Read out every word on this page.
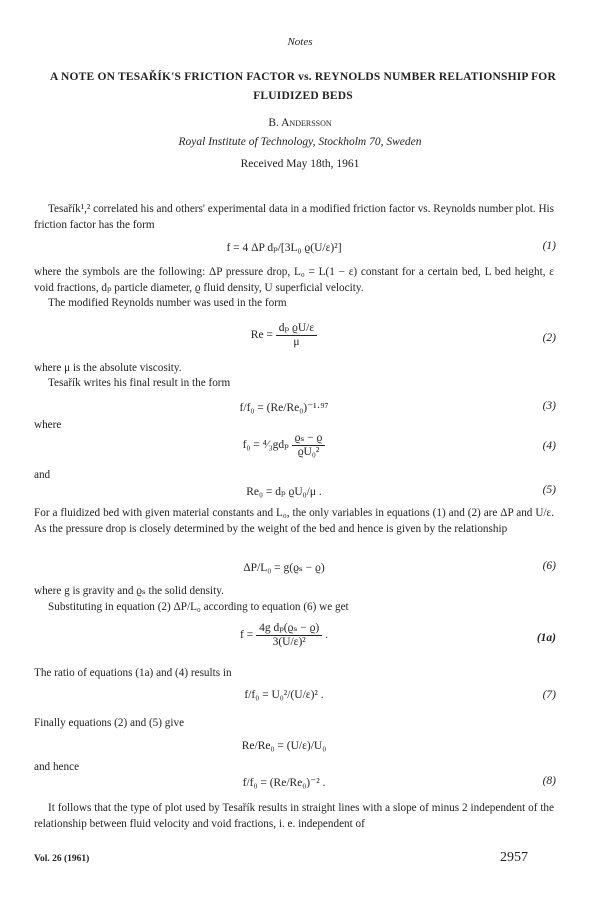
Notes
A NOTE ON TESAŘÍK'S FRICTION FACTOR vs. REYNOLDS NUMBER RELATIONSHIP FOR FLUIDIZED BEDS
B. Andersson
Royal Institute of Technology, Stockholm 70, Sweden
Received May 18th, 1961
Tesařík¹,² correlated his and others' experimental data in a modified friction factor vs. Reynolds number plot. His friction factor has the form
f = 4 ΔP dₚ/[3L₀ ϱ(U/ε)²]	(1)
where the symbols are the following: ΔP pressure drop, L₀ = L(1 − ε) constant for a certain bed, L bed height, ε void fractions, dₚ particle diameter, ϱ fluid density, U superficial velocity.
The modified Reynolds number was used in the form
$Re = \frac{\text{dₚ ϱU/ε}}{\mu}$	(2)
where μ is the absolute viscosity.
Tesařík writes his final result in the form
f/f₀ = (Re/Re₀)⁻¹·⁹⁷	(3)
where
f₀ = ⁴⁄₃gdₚ $\frac{\text{ϱₛ − ϱ}}{\text{ϱU₀²}}$	(4)
and
Re₀ = dₚ ϱU₀/μ .	(5)
For a fluidized bed with given material constants and L₀, the only variables in equations (1) and (2) are ΔP and U/ε. As the pressure drop is closely determined by the weight of the bed and hence is given by the relationship
ΔP/L₀ = g(ϱₛ − ϱ)	(6)
where g is gravity and ϱₛ the solid density.
Substituting in equation (2) ΔP/L₀ according to equation (6) we get
$f = \frac{\text{4g dₚ(ϱₛ − ϱ)}}{\text{3(U/ε)²}}$ .	(1a)
The ratio of equations (1a) and (4) results in
f/f₀ = U₀²/(U/ε)² .	(7)
Finally equations (2) and (5) give
Re/Re₀ = (U/ε)/U₀
and hence
f/f₀ = (Re/Re₀)⁻² .	(8)
It follows that the type of plot used by Tesařík results in straight lines with a slope of minus 2 independent of the relationship between fluid velocity and void fractions, i. e. independent of
Vol. 26 (1961)	2957
